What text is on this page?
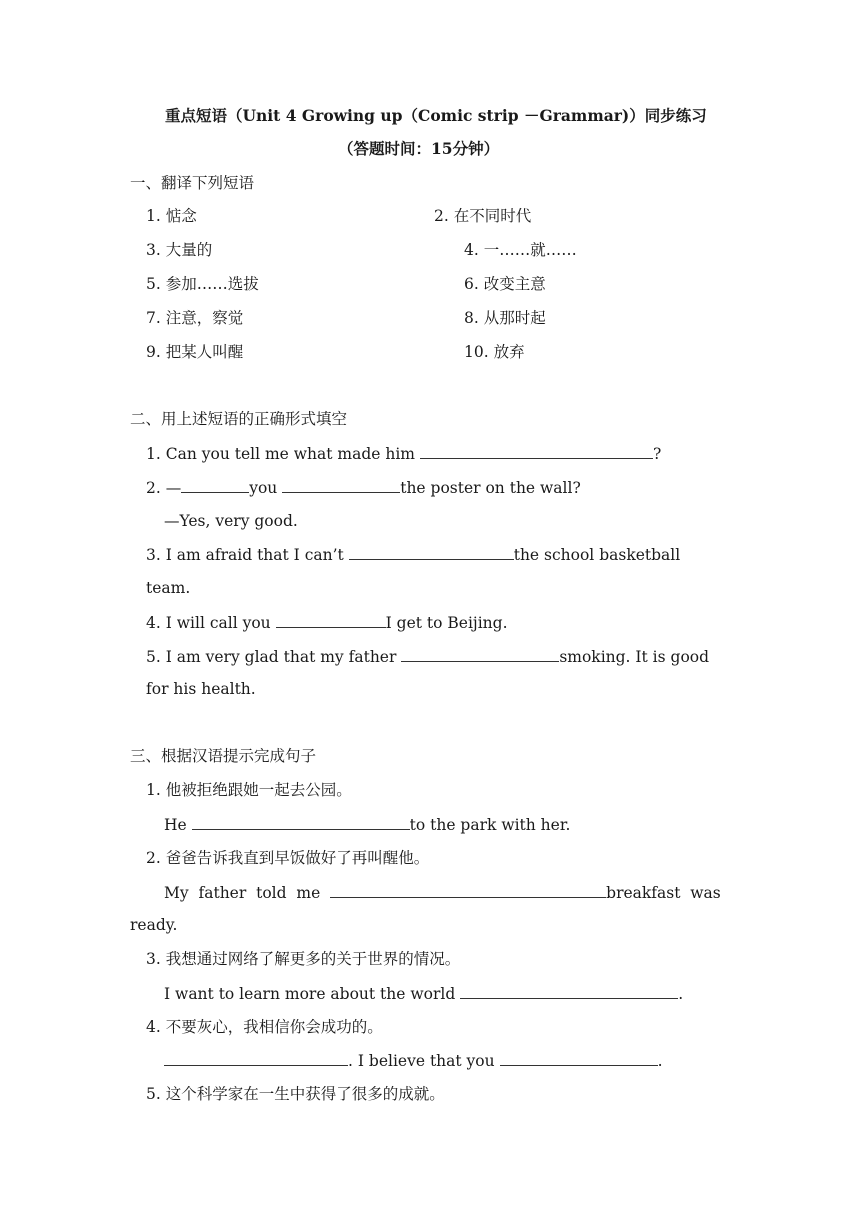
重点短语（Unit 4 Growing up（Comic strip －Grammar)）同步练习
（答题时间：15分钟）
一、翻译下列短语
1. 惦念	2. 在不同时代
3. 大量的	4. 一……就……
5. 参加……选拔	6. 改变主意
7. 注意，察觉	8. 从那时起
9. 把某人叫醒	10. 放弃
二、用上述短语的正确形式填空
1. Can you tell me what made him	?
2. —	you	the poster on the wall?
—Yes, very good.
3. I am afraid that I can’t	the school basketball
team.
4. I will call you	I get to Beijing.
5. I am very glad that my father	smoking. It is good
for his health.
三、根据汉语提示完成句子
1. 他被拒绝跟她一起去公园。
He	to the park with her.
2. 爸爸告诉我直到早饭做好了再叫醒他。
My  father  told  me	breakfast  was
ready.
3. 我想通过网络了解更多的关于世界的情况。
I want to learn more about the world	.
4. 不要灰心，我相信你会成功的。
. I believe that you	.
5. 这个科学家在一生中获得了很多的成就。
